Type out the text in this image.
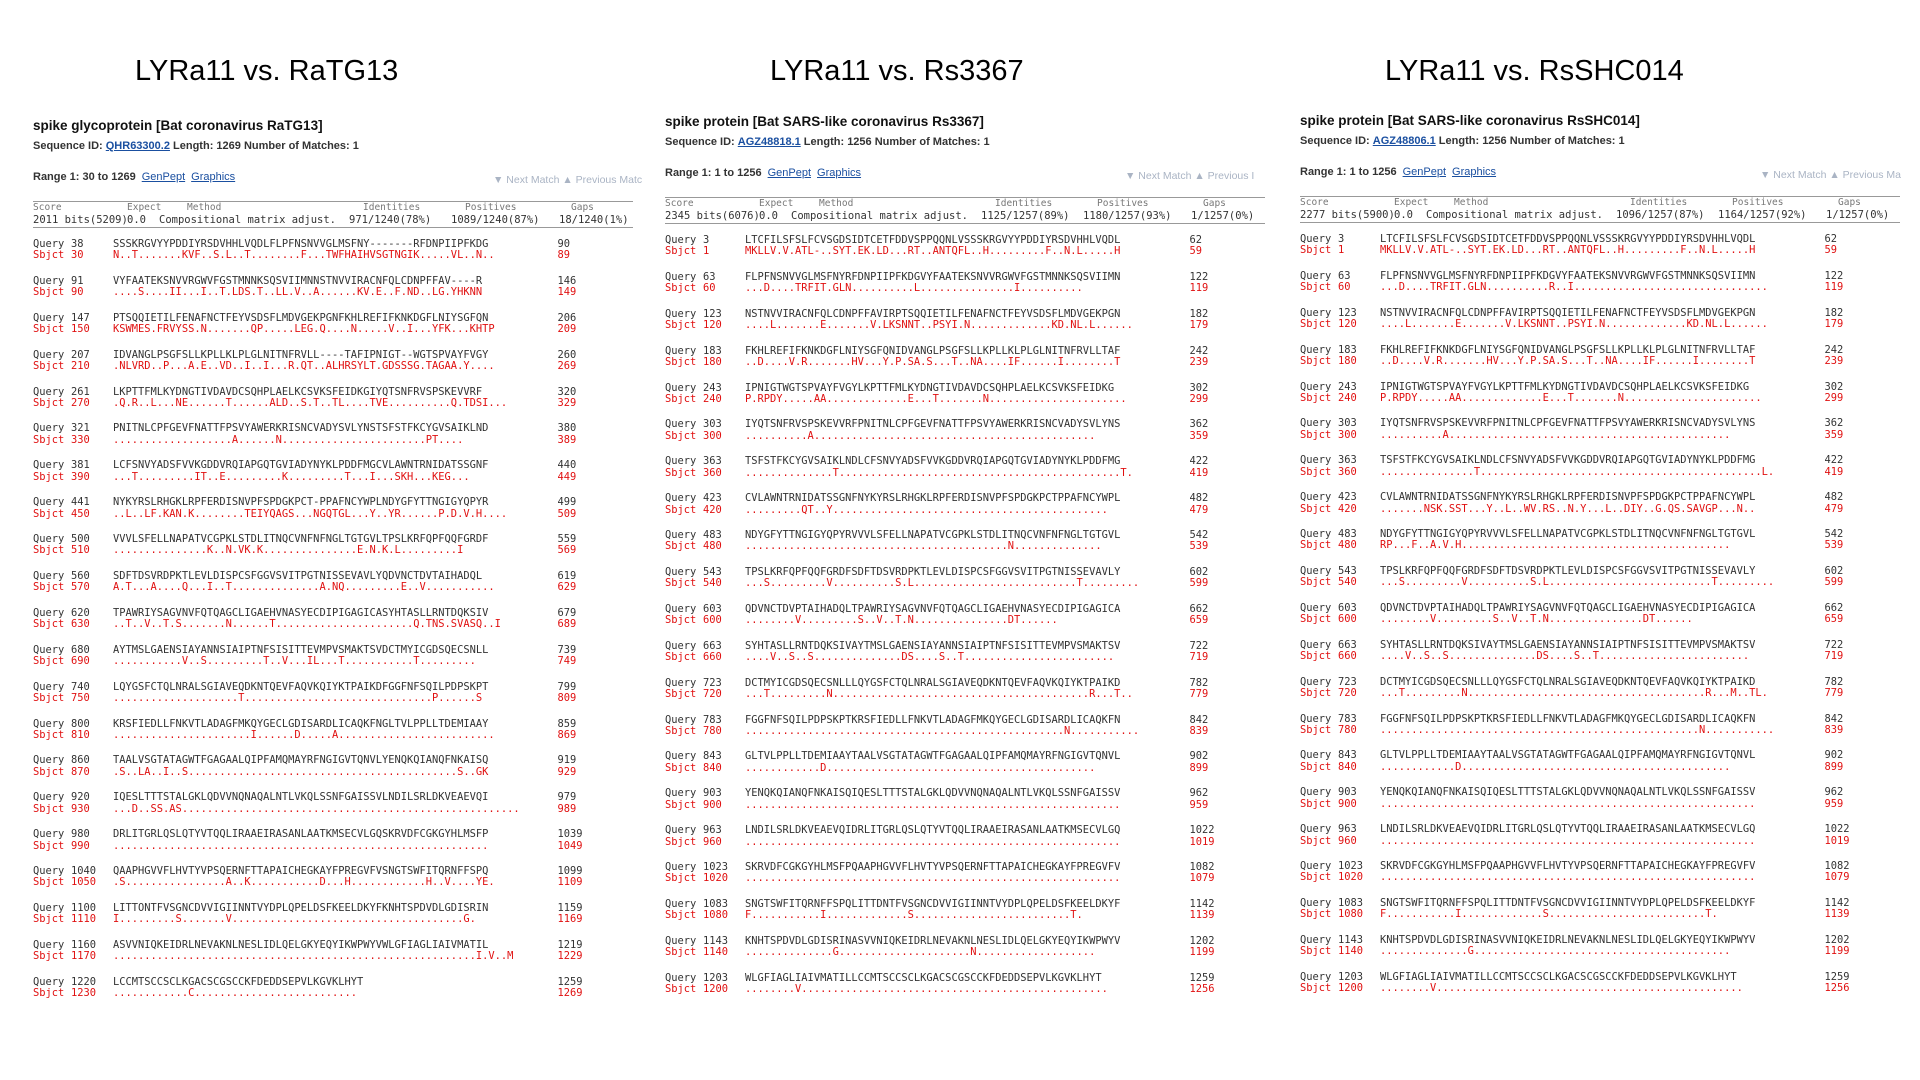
LYRa11 vs. RaTG13
spike glycoprotein [Bat coronavirus RaTG13]
Sequence ID: QHR63300.2 Length: 1269 Number of Matches: 1
Range 1: 30 to 1269 GenPept Graphics	▼ Next Match ▲ Previous Matc
Score	Expect	Method	Identities	Positives	Gaps
2011 bits(5209) 0.0 Compositional matrix adjust. 971/1240(78%) 1089/1240(87%) 18/1240(1%)
Query 38	SSSKRGVYYPDDIYRSDVHHLVQDLFLPFNSNVVGLMSFNY-------RFDNPIIPFKDG	90
Sbjct 30	N..T.......KVF..S.L..T........F...TWFHAIHVSGTNGIK.....VL..N..	89
Query 91	VYFAATEKSNVVRGWVFGSTMNNKSQSVIIMNNSTNVVIRACNFQLCDNPFFAV----R	146
Sbjct 90	....S....II...I..T.LDS.T..LL.V..A......KV.E..F.ND..LG.YHKNN	149
Query 147 PTSQQIETILFENAFNCTFEYVSDSFLMDVGEKPGNFKHLREFIFKNKDGFLNIYSGFQN	206
Sbjct 150 KSWMES.FRVYSS.N.......QP.....LEG.Q....N.....V..I...YFK...KHTP	209
Query 207 IDVANGLPSGFSLLKPLLKLPLGLNITNFRVLL----TAFIPNIGT--WGTSPVAYFVGY	260
Sbjct 210 .NLVRD..P...A.E..VD..I..I...R.QT..ALHRSYLT.GDSSSG.TAGAA.Y....	269
Query 261 LKPTTFMLKYDNGTIVDAVDCSQHPLAELKCSVKSFEIDKGIYQTSNFRVSPSKEVVRF	320
Sbjct 270 .Q.R..L...NE......T......ALD..S.T..TL....TVE..........Q.TDSI...	329
Query 321 PNITNLCPFGEVFNATTFPSVYAWERKRISNCVADYSVLYNSTSFSTFKCYGVSAIKLND	380
Sbjct 330 ...................A......N.......................PT....	389
Query 381 LCFSNVYADSFVVKGDDVRQIAPGQTGVIADYNYKLPDDFMGCVLAWNTRNIDATSSGNF	440
Sbjct 390 ...T.........IT..E.........K.........T...I...SKH...KEG...	449
Query 441 NYKYRSLRHGKLRPFERDISNVPFSPDGKPCT-PPAFNCYWPLNDYGFYTTNGIGYQPYR	499
Sbjct 450 ..L..LF.KAN.K........TEIYQAGS...NGQTGL...Y..YR......P.D.V.H....	509
Query 500 VVVLSFELLNAPATVCGPKLSTDLITNQCVNFNFNGLTGTGVLTPSLKRFQPFQQFGRDF	559
Sbjct 510 ...............K..N.VK.K...............E.N.K.L.........I	569
Query 560 SDFTDSVRDPKTLEVLDISPCSFGGVSVITPGTNISSEVAVLYQDVNCTDVTAIHADQL	619
Sbjct 570 A.T...A....Q...I..T..............A.NQ.........E..V...........	629
Query 620 TPAWRIYSAGVNVFQTQAGCLIGAEHVNASYECDIPIGAGICASYHTASLLRNTDQKSIV	679
Sbjct 630 ..T..V..T.S.......N......T......................Q.TNS.SVASQ..I	689
Query 680 AYTMSLGAENSIAYANNSIAIPTNFSISITTEVMPVSMAKTSVDCTMYICGDSQECSNLL	739
Sbjct 690 ...........V..S.........T..V...IL...T...........T.........	749
Query 740 LQYGSFCTQLNRALSGIAVEQDKNTQEVFAQVKQIYKTPAIKDFGGFNFSQILPDPSKPT	799
Sbjct 750 ....................T..............................P......S	809
Query 800 KRSFIEDLLFNKVTLADAGFMKQYGECLGDISARDLICAQKFNGLTVLPPLLTDEMIAAY	859
Sbjct 810 ......................I......D.....A.........................	869
Query 860 TAALVSGTATAGWTFGAGAALQIPFAMQMAYRFNGIGVTQNVLYENQKQIANQFNKAISQ	919
Sbjct 870 .S..LA..I..S...........................................S..GK	929
Query 920 IQESLTTTSTALGKLQDVVNQNAQALNTLVKQLSSNFGAISSVLNDILSRLDKVEAEVQI	979
Sbjct 930 ...D..SS.AS......................................................	989
Query 980 DRLITGRLQSLQTYVTQQLIRAAEIRASANLAATKMSECVLGQSKRVDFCGKGYHLMSFP	1039
Sbjct 990 ............................................................	1049
Query 1040 QAAPHGVVFLHVTYVPSQERNFTTAPAICHEGKAYFPREGVFVSNGTSWFITQRNFFSPQ	1099
Sbjct 1050 .S................A..K...........D...H............H..V....YE.	1109
Query 1100 LITTONTFVSGNCDVVIGIINNTVYDPLQPELDSFKEELDKYFKNHTSPDVDLGDISRIN	1159
Sbjct 1110 I.........S.......V.....................................G.	1169
Query 1160 ASVVNIQKEIDRLNEVAKNLNESLIDLQELGKYEQYIKWPWYVWLGFIAGLIAIVMATIL	1219
Sbjct 1170 ..........................................................I.V..M	1229
Query 1220 LCCMTSCCSCLKGACSCGSCCKFDEDDSEPVLKGVKLHYT	1259
Sbjct 1230 ............C..........................	1269
LYRa11 vs. Rs3367
spike protein [Bat SARS-like coronavirus Rs3367]
Sequence ID: AGZ48818.1 Length: 1256 Number of Matches: 1
Range 1: 1 to 1256 GenPept Graphics	▼ Next Match ▲ Previous I
Score	Expect	Method	Identities	Positives	Gaps
2345 bits(6076) 0.0 Compositional matrix adjust. 1125/1257(89%) 1180/1257(93%) 1/1257(0%)
Query 3	LTCFILSFSLFCVSGDSIDTCETFDDVSPPQQNLVSSSKRGVYYPDDIYRSDVHHLVQDL	62
Sbjct 1	MKLLV.V.ATL-..SYT.EK.LD...RT..ANTQFL..H.........F..N.L.....H	59
Query 63	FLPFNSNVVGLMSFNYRFDNPIIPFKDGVYFAATEKSNVVRGWVFGSTMNNKSQSVIIMN	122
Sbjct 60	...D....TRFIT.GLN..........L...............I..........	119
Query 123 NSTNVVIRACNFQLCDNPFFAVIRPTSQQIETILFENAFNCTFEYVSDSFLMDVGEKPGN	182
Sbjct 120 ....L.......E.......V.LKSNNT..PSYI.N.............KD.NL.L......	179
Query 183 FKHLREFIFKNKDGFLNIYSGFQNIDVANGLPSGFSLLKPLLKLPLGLNITNFRVLLTAF	242
Sbjct 180 ..D....V.R.......HV...Y.P.SA.S...T..NA....IF......I........T	239
Query 243 IPNIGTWGTSPVAYFVGYLKPTTFMLKYDNGTIVDAVDCSQHPLAELKCSVKSFEIDKG	302
Sbjct 240 P.RPDY.....AA.............E...T.......N......................	299
Query 303 IYQTSNFRVSPSKEVVRFPNITNLCPFGEVFNATTFPSVYAWERKRISNCVADYSVLYNS	362
Sbjct 300 ..........A.............................................	359
Query 363 TSFSTFKCYGVSAIKLNDLCFSNVYADSFVVKGDDVRQIAPGQTGVIADYNYKLPDDFMG	422
Sbjct 360 ..............T.............................................T.	419
Query 423 CVLAWNTRNIDATSSGNFNYKYRSLRHGKLRPFERDISNVPFSPDGKPCTPPAFNCYWPL	482
Sbjct 420 .........QT..Y............................................	479
Query 483 NDYGFYTTNGIGYQPYRVVVLSFELLNAPATVCGPKLSTDLITNQCVNFNFNGLTGTGVL	542
Sbjct 480 ..........................................N..............	539
Query 543 TPSLKRFQPFQQFGRDFSDFTDSVRDPKTLEVLDISPCSFGGVSVITPGTNISSEVAVLY	602
Sbjct 540 ...S.........V..........S.L..........................T.........	599
Query 603 QDVNCTDVPTAIHADQLTPAWRIYSAGVNVFQTQAGCLIGAEHVNASYECDIPIGAGICA	662
Sbjct 600 ........V.........S..V..T.N...............DT......	659
Query 663 SYHTASLLRNTDQKSIVAYTMSLGAENSIAYANNSIAIPTNFSISITTEVMPVSMAKTSV	722
Sbjct 660 ....V..S..S..............DS....S..T........................	719
Query 723 DCTMYICGDSQECSNLLLQYGSFCTQLNRALSGIAVEQDKNTQEVFAQVKQIYKTPAIKD	782
Sbjct 720 ...T.........N.........................................R...T..	779
Query 783 FGGFNFSQILPDPSKPTKRSFIEDLLFNKVTLADAGFMKQYGECLGDISARDLICAQKFN	842
Sbjct 780 ...................................................N...........	839
Query 843 GLTVLPPLLTDEMIAAYTAALVSGTATAGWTFGAGAALQIPFAMQMAYRFNGIGVTQNVL	902
Sbjct 840 ............D...........................................	899
Query 903 YENQKQIANQFNKAISQIQESLTTTSTALGKLQDVVNQNAQALNTLVKQLSSNFGAISSV	962
Sbjct 900 ............................................................	959
Query 963 LNDILSRLDKVEAEVQIDRLITGRLQSLQTYVTQQLIRAAEIRASANLAATKMSECVLGQ	1022
Sbjct 960 ............................................................	1019
Query 1023 SKRVDFCGKGYHLMSFPQAAPHGVVFLHVTYVPSQERNFTTAPAICHEGKAYFPREGVFV	1082
Sbjct 1020 ............................................................	1079
Query 1083 SNGTSWFITQRNFFSPQLITTDNTFVSGNCDVVIGIINNTVYDPLQPELDSFKEELDKYF	1142
Sbjct 1080 F...........I.............S.........................T.	1139
Query 1143 KNHTSPDVDLGDISRINASVVNIQKEIDRLNEVAKNLNESLIDLQELGKYEQYIKWPWYV	1202
Sbjct 1140 ..............G.....................N...................	1199
Query 1203 WLGFIAGLIAIVMATILLCCMTSCCSCLKGACSCGSCCKFDEDDSEPVLKGVKLHYT	1259
Sbjct 1200 ........V.................................................	1256
LYRa11 vs. RsSHC014
spike protein [Bat SARS-like coronavirus RsSHC014]
Sequence ID: AGZ48806.1 Length: 1256 Number of Matches: 1
Range 1: 1 to 1256 GenPept Graphics	▼ Next Match ▲ Previous Ma
Score	Expect	Method	Identities	Positives	Gaps
2277 bits(5900) 0.0 Compositional matrix adjust. 1096/1257(87%) 1164/1257(92%) 1/1257(0%)
Query 3	LTCFILSFSLFCVSGDSIDTCETFDDVSPPQQNLVSSSKRGVYYPDDIYRSDVHHLVQDL	62
Sbjct 1	MKLLV.V.ATL-..SYT.EK.LD...RT..ANTQFL..H.........F..N.L.....H	59
Query 63	FLPFNSNVVGLMSFNYRFDNPIIPFKDGVYFAATEKSNVVRGWVFGSTMNNKSQSVIIMN	122
Sbjct 60	...D....TRFIT.GLN..........R..I...............................	119
Query 123 NSTNVVIRACNFQLCDNPFFAVIRPTSQQIETILFENAFNCTFEYVSDSFLMDVGEKPGN	182
Sbjct 120 ....L.......E.......V.LKSNNT..PSYI.N.............KD.NL.L......	179
Query 183 FKHLREFIFKNKDGFLNIYSGFQNIDVANGLPSGFSLLKPLLKLPLGLNITNFRVLLTAF	242
Sbjct 180 ..D....V.R.......HV...Y.P.SA.S...T..NA....IF......I........T	239
Query 243 IPNIGTWGTSPVAYFVGYLKPTTFMLKYDNGTIVDAVDCSQHPLAELKCSVKSFEIDKG	302
Sbjct 240 P.RPDY.....AA.............E...T.......N......................	299
Query 303 IYQTSNFRVSPSKEVVRFPNITNLCPFGEVFNATTFPSVYAWERKRISNCVADYSVLYNS	362
Sbjct 300 ..........A.............................................	359
Query 363 TSFSTFKCYGVSAIKLNDLCFSNVYADSFVVKGDDVRQIAPGQTGVIADYNYKLPDDFMG	422
Sbjct 360 ...............T.............................................L.	419
Query 423 CVLAWNTRNIDATSSGNFNYKYRSLRHGKLRPFERDISNVPFSPDGKPCTPPAFNCYWPL	482
Sbjct 420 .......NSK.SST...Y..L..WV.RS..N.Y...L..DIY..G.QS.SAVGP...N..	479
Query 483 NDYGFYTTNGIGYQPYRVVVLSFELLNAPATVCGPKLSTDLITNQCVNFNFNGLTGTGVL	542
Sbjct 480 RP...F..A.V.H...........................................	539
Query 543 TPSLKRFQPFQQFGRDFSDFTDSVRDPKTLEVLDISPCSFGGVSVITPGTNISSEVAVLY	602
Sbjct 540 ...S.........V..........S.L..........................T.........	599
Query 603 QDVNCTDVPTAIHADQLTPAWRIYSAGVNVFQTQAGCLIGAEHVNASYECDIPIGAGICA	662
Sbjct 600 ........V.........S..V..T.N...............DT......	659
Query 663 SYHTASLLRNTDQKSIVAYTMSLGAENSIAYANNSIAIPTNFSISITTEVMPVSMAKTSV	722
Sbjct 660 ....V..S..S..............DS....S..T........................	719
Query 723 DCTMYICGDSQECSNLLLQYGSFCTQLNRALSGIAVEQDKNTQEVFAQVKQIYKTPAIKD	782
Sbjct 720 ...T.........N......................................R...M..TL.	779
Query 783 FGGFNFSQILPDPSKPTKRSFIEDLLFNKVTLADAGFMKQYGECLGDISARDLICAQKFN	842
Sbjct 780 ...................................................N...........	839
Query 843 GLTVLPPLLTDEMIAAYTAALVSGTATAGWTFGAGAALQIPFAMQMAYRFNGIGVTQNVL	902
Sbjct 840 ............D...........................................	899
Query 903 YENQKQIANQFNKAISQIQESLTTTSTALGKLQDVVNQNAQALNTLVKQLSSNFGAISSV	962
Sbjct 900 ............................................................	959
Query 963 LNDILSRLDKVEAEVQIDRLITGRLQSLQTYVTQQLIRAAEIRASANLAATKMSECVLGQ	1022
Sbjct 960 ............................................................	1019
Query 1023 SKRVDFCGKGYHLMSFPQAAPHGVVFLHVTYVPSQERNFTTAPAICHEGKAYFPREGVFV	1082
Sbjct 1020 ............................................................	1079
Query 1083 SNGTSWFITQRNFFSPQLITTDNTFVSGNCDVVIGIINNTVYDPLQPELDSFKEELDKYF	1142
Sbjct 1080 F...........I.............S.........................T.	1139
Query 1143 KNHTSPDVDLGDISRINASVVNIQKEIDRLNEVAKNLNESLIDLQELGKYEQYIKWPWYV	1202
Sbjct 1140 ..............G.........................................	1199
Query 1203 WLGFIAGLIAIVMATILLCCMTSCCSCLKGACSCGSCCKFDEDDSEPVLKGVKLHYT	1259
Sbjct 1200 ........V.................................................	1256
